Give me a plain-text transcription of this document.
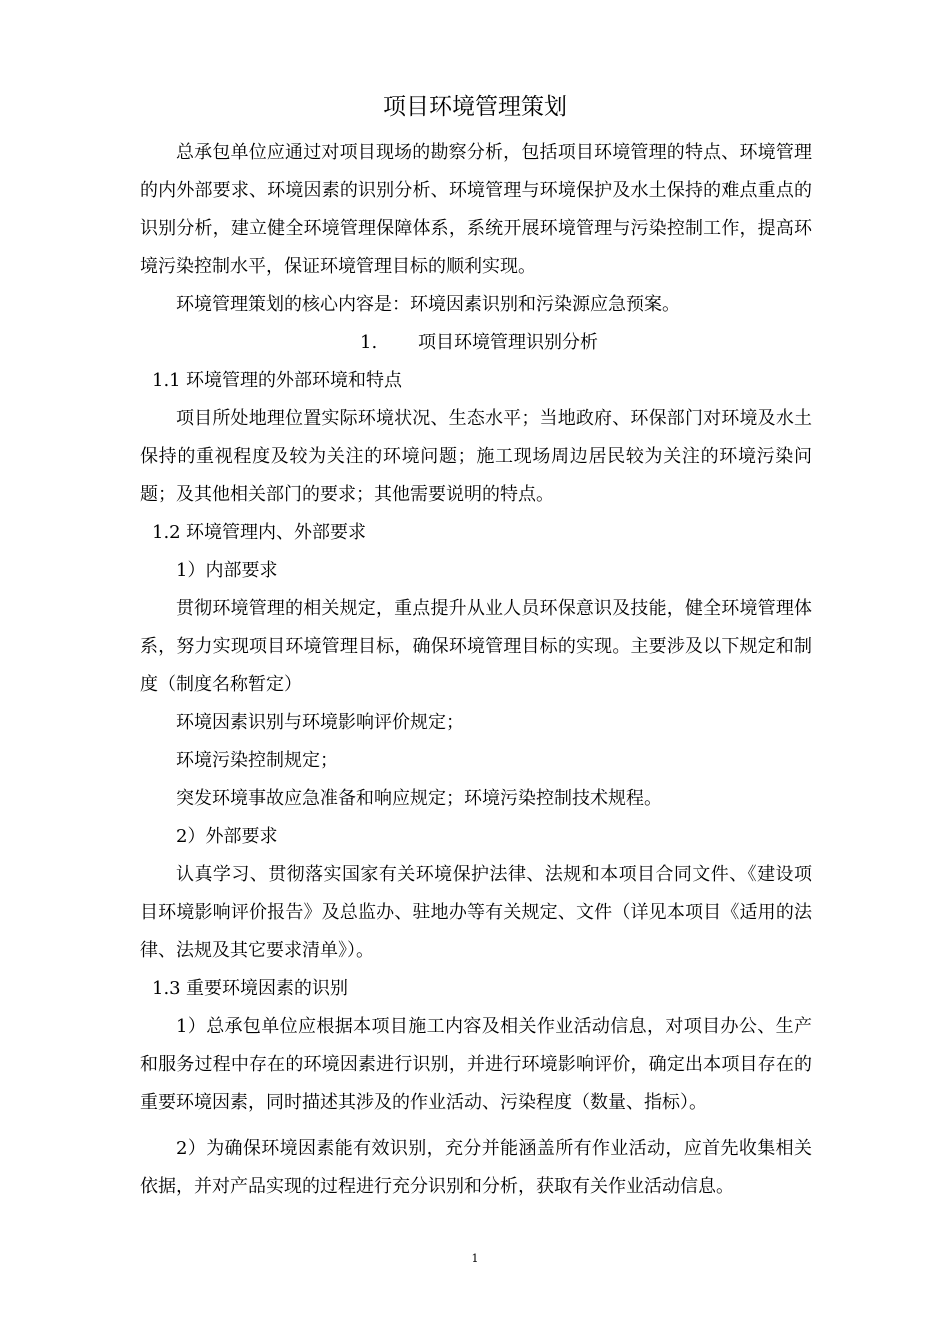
项目环境管理策划

总承包单位应通过对项目现场的勘察分析，包括项目环境管理的特点、环境管理的内外部要求、环境因素的识别分析、环境管理与环境保护及水土保持的难点重点的识别分析，建立健全环境管理保障体系，系统开展环境管理与污染控制工作，提高环境污染控制水平，保证环境管理目标的顺利实现。

环境管理策划的核心内容是：环境因素识别和污染源应急预案。

1. 项目环境管理识别分析

1.1 环境管理的外部环境和特点

项目所处地理位置实际环境状况、生态水平；当地政府、环保部门对环境及水土保持的重视程度及较为关注的环境问题；施工现场周边居民较为关注的环境污染问题；及其他相关部门的要求；其他需要说明的特点。

1.2 环境管理内、外部要求

1）内部要求

贯彻环境管理的相关规定，重点提升从业人员环保意识及技能，健全环境管理体系，努力实现项目环境管理目标，确保环境管理目标的实现。主要涉及以下规定和制度（制度名称暂定）

环境因素识别与环境影响评价规定；

环境污染控制规定；

突发环境事故应急准备和响应规定；环境污染控制技术规程。

2）外部要求

认真学习、贯彻落实国家有关环境保护法律、法规和本项目合同文件、《建设项目环境影响评价报告》及总监办、驻地办等有关规定、文件（详见本项目《适用的法律、法规及其它要求清单》）。

1.3 重要环境因素的识别

1）总承包单位应根据本项目施工内容及相关作业活动信息，对项目办公、生产和服务过程中存在的环境因素进行识别，并进行环境影响评价，确定出本项目存在的重要环境因素，同时描述其涉及的作业活动、污染程度（数量、指标）。

2）为确保环境因素能有效识别，充分并能涵盖所有作业活动，应首先收集相关依据，并对产品实现的过程进行充分识别和分析，获取有关作业活动信息。

1
